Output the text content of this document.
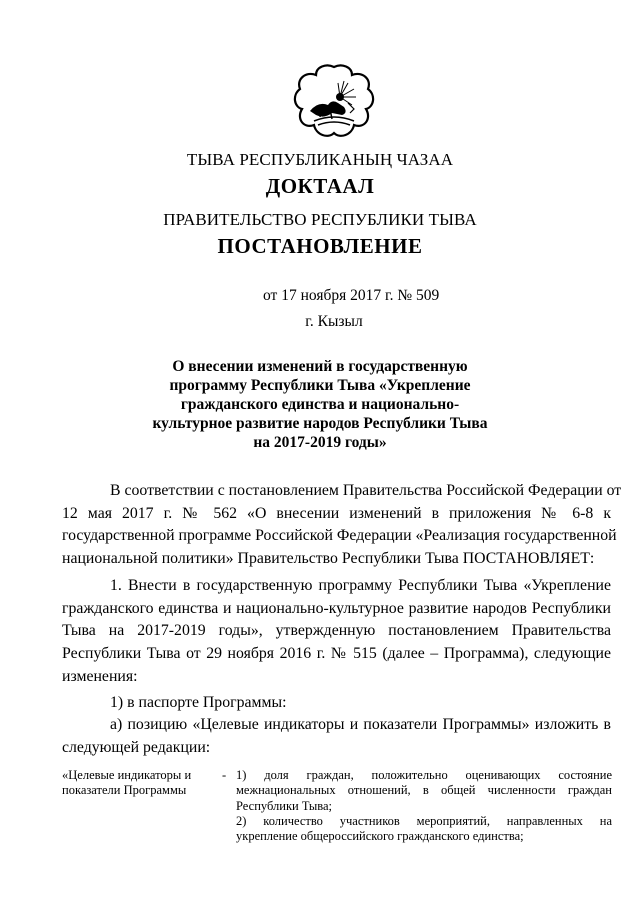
ТЫВА РЕСПУБЛИКАНЫҢ ЧАЗАА
ДОКТААЛ
ПРАВИТЕЛЬСТВО РЕСПУБЛИКИ ТЫВА
ПОСТАНОВЛЕНИЕ
от 17 ноября 2017 г. № 509
г. Кызыл
О внесении изменений в государственную
программу Республики Тыва «Укрепление
гражданского единства и национально-
культурное развитие народов Республики Тыва
на 2017-2019 годы»
В соответствии с постановлением Правительства Российской Федерации от
12 мая 2017 г. № 562 «О внесении изменений в приложения № 6-8 к
государственной программе Российской Федерации «Реализация государственной
национальной политики» Правительство Республики Тыва ПОСТАНОВЛЯЕТ:
1. Внести в государственную программу Республики Тыва «Укрепление
гражданского единства и национально-культурное развитие народов Республики
Тыва на 2017-2019 годы», утвержденную постановлением Правительства
Республики Тыва от 29 ноября 2016 г. № 515 (далее – Программа), следующие
изменения:
1) в паспорте Программы:
а) позицию «Целевые индикаторы и показатели Программы» изложить в
следующей редакции:
«Целевые индикаторы и
показатели Программы
- 1) доля граждан, положительно оценивающих состояние
межнациональных отношений, в общей численности граждан
Республики Тыва;
2) количество участников мероприятий, направленных на
укрепление общероссийского гражданского единства;
